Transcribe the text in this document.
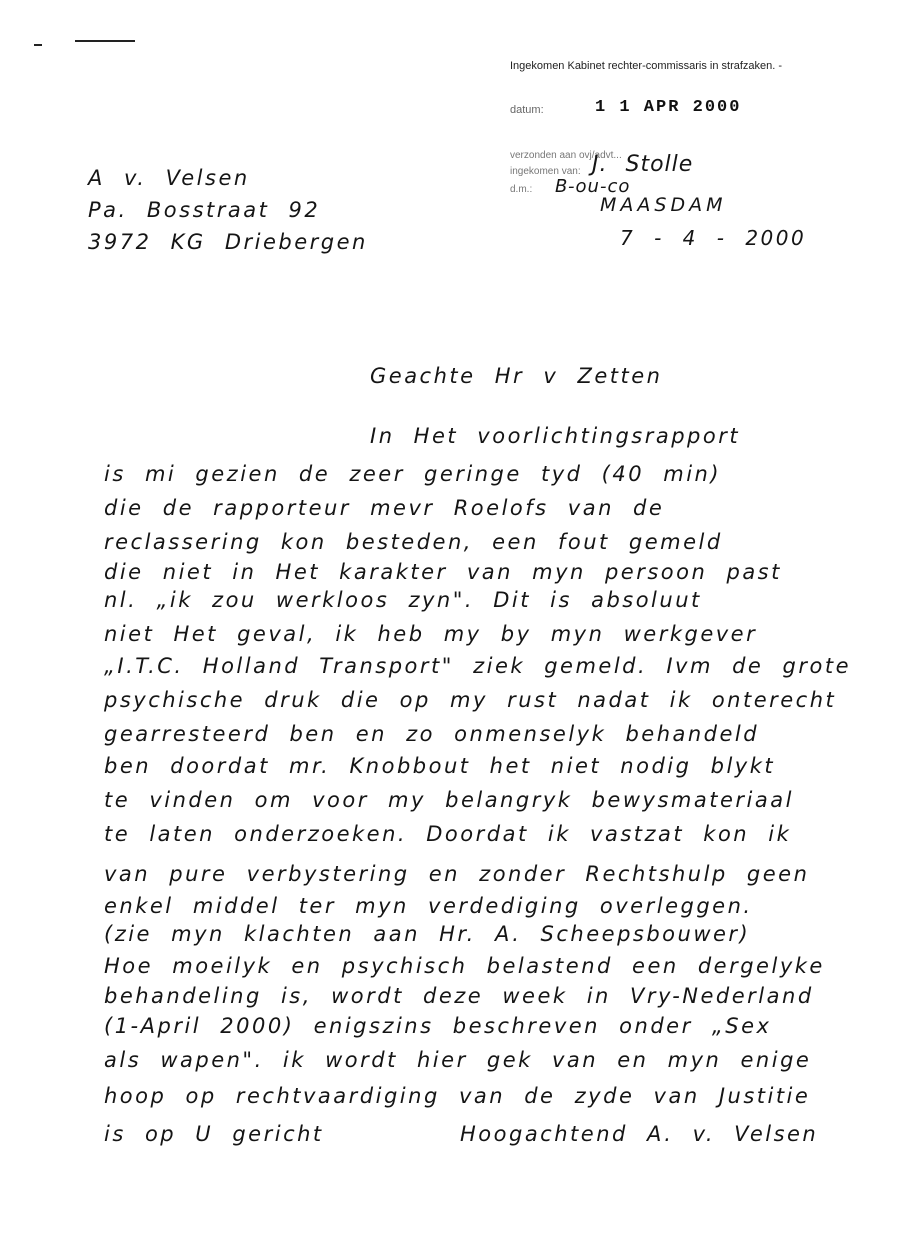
Ingekomen Kabinet rechter-commissaris in strafzaken. -
datum:	1 1 APR 2000
verzonden aan ovj/advt...
ingekomen van: J. Stolle
d.m.: B-ou-co
MAASDAM
7 - 4 - 2000
A v. Velsen
Pa. Bosstraat 92
3972 KG Driebergen
Geachte Hr v Zetten
In Het voorlichtingsrapport
is mi gezien de zeer geringe tyd (40 min)
die de rapporteur mevr Roelofs van de
reclassering kon besteden, een fout gemeld
die niet in Het karakter van myn persoon past
nl. „ik zou werkloos zyn". Dit is absoluut
niet Het geval, ik heb my by myn werkgever
„I.T.C. Holland Transport" ziek gemeld. Ivm de grote
psychische druk die op my rust nadat ik onterecht
gearresteerd ben en zo onmenselyk behandeld
ben doordat mr. Knobbout het niet nodig blykt
te vinden om voor my belangryk bewysmateriaal
te laten onderzoeken. Doordat ik vastzat kon ik
van pure verbystering en zonder Rechtshulp geen
enkel middel ter myn verdediging overleggen.
(zie myn klachten aan Hr. A. Scheepsbouwer)
Hoe moeilyk en psychisch belastend een dergelyke
behandeling is, wordt deze week in Vry-Nederland
(1-April 2000) enigszins beschreven onder „Sex
als wapen". ik wordt hier gek van en myn enige
hoop op rechtvaardiging van de zyde van Justitie
is op U gericht	Hoogachtend A. v. Velsen
